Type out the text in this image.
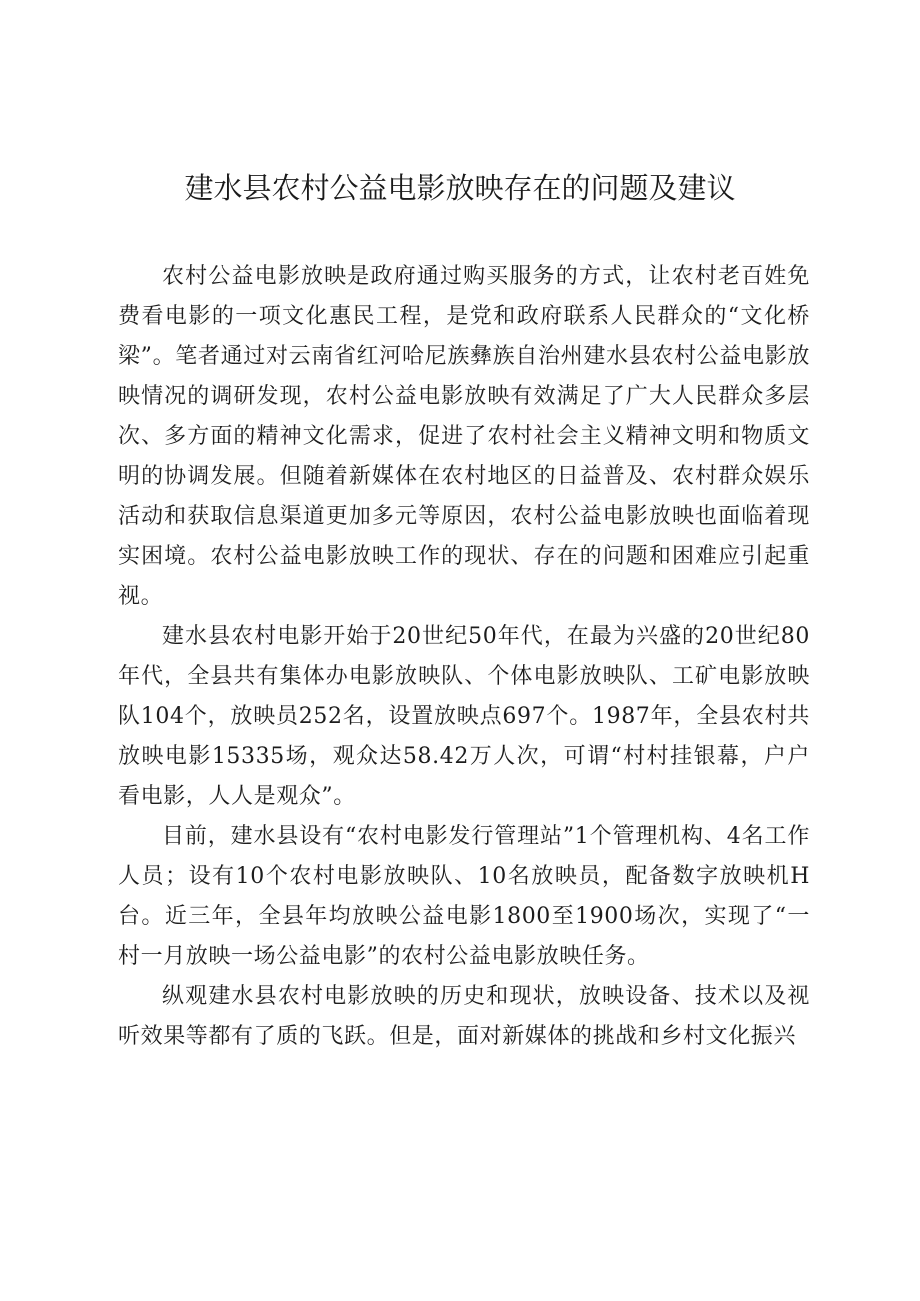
建水县农村公益电影放映存在的问题及建议

农村公益电影放映是政府通过购买服务的方式，让农村老百姓免费看电影的一项文化惠民工程，是党和政府联系人民群众的“文化桥梁”。笔者通过对云南省红河哈尼族彝族自治州建水县农村公益电影放映情况的调研发现，农村公益电影放映有效满足了广大人民群众多层次、多方面的精神文化需求，促进了农村社会主义精神文明和物质文明的协调发展。但随着新媒体在农村地区的日益普及、农村群众娱乐活动和获取信息渠道更加多元等原因，农村公益电影放映也面临着现实困境。农村公益电影放映工作的现状、存在的问题和困难应引起重视。

建水县农村电影开始于20世纪50年代，在最为兴盛的20世纪80年代，全县共有集体办电影放映队、个体电影放映队、工矿电影放映队104个，放映员252名，设置放映点697个。1987年，全县农村共放映电影15335场，观众达58.42万人次，可谓“村村挂银幕，户户看电影，人人是观众”。

目前，建水县设有“农村电影发行管理站”1个管理机构、4名工作人员；设有10个农村电影放映队、10名放映员，配备数字放映机H台。近三年，全县年均放映公益电影1800至1900场次，实现了“一村一月放映一场公益电影”的农村公益电影放映任务。

纵观建水县农村电影放映的历史和现状，放映设备、技术以及视听效果等都有了质的飞跃。但是，面对新媒体的挑战和乡村文化振兴
